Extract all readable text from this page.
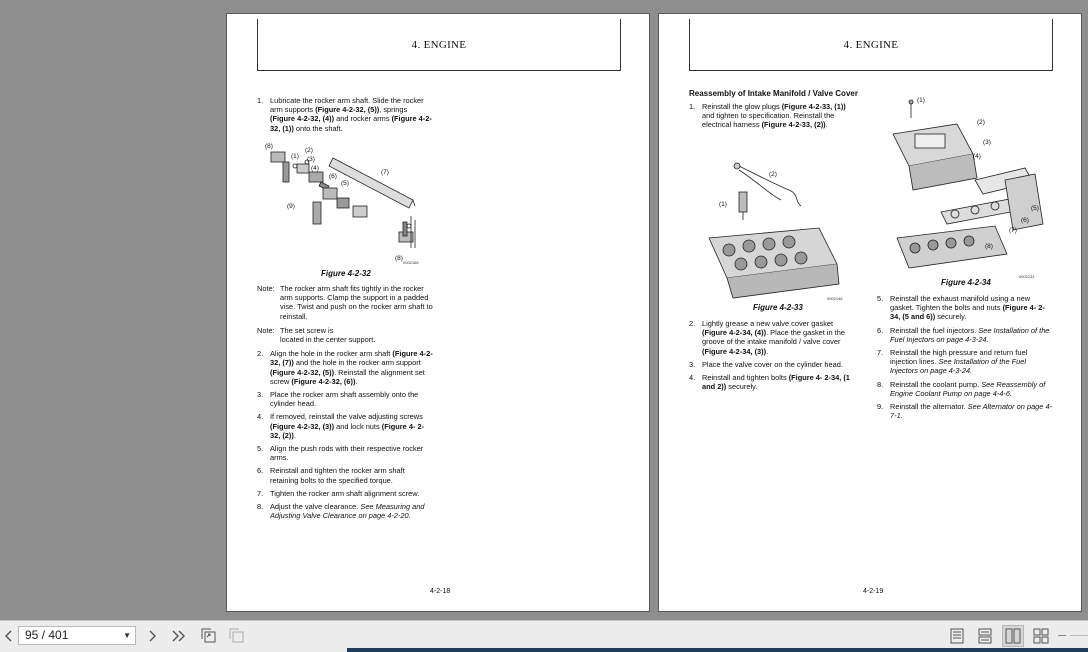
4. ENGINE
1. Lubricate the rocker arm shaft. Slide the rocker arm supports (Figure 4-2-32, (5)), springs (Figure 4-2-32, (4)) and rocker arms (Figure 4-2-32, (1)) onto the shaft.
(8)
(1)
(2)
(3)
(4)
(6)
(5)
(7)
(9)
(8)
0002166
Figure 4-2-32
Note: The rocker arm shaft fits tightly in the rocker arm supports. Clamp the support in a padded vise. Twist and push on the rocker arm shaft to reinstall.
Note: The set screw is
located in the center support.
2. Align the hole in the rocker arm shaft (Figure 4-2-32, (7)) and the hole in the rocker arm support (Figure 4-2-32, (5)). Reinstall the alignment set screw (Figure 4-2-32, (6)).
3. Place the rocker arm shaft assembly onto the cylinder head.
4. If removed, reinstall the valve adjusting screws (Figure 4-2-32, (3)) and lock nuts (Figure 4- 2-32, (2)).
5. Align the push rods with their respective rocker arms.
6. Reinstall and tighten the rocker arm shaft retaining bolts to the specified torque.
7. Tighten the rocker arm shaft alignment screw.
8. Adjust the valve clearance. See Measuring and Adjusting Valve Clearance on page 4-2-20.
4-2-18
4. ENGINE
Reassembly of Intake Manifold / Valve Cover
1. Reinstall the glow plugs (Figure 4-2-33, (1)) and tighten to specification. Reinstall the electrical harness (Figure 4-2-33, (2)).
(2)
(1)
0002146
Figure 4-2-33
2. Lightly grease a new valve cover gasket (Figure 4-2-34, (4)). Place the gasket in the groove of the intake manifold / valve cover (Figure 4-2-34, (3)).
3. Place the valve cover on the cylinder head.
4. Reinstall and tighten bolts (Figure 4- 2-34, (1 and 2)) securely.
(1)
(2)
(3)
(4)
(5)
(6)
(7)
(8)
0002131
Figure 4-2-34
5. Reinstall the exhaust manifold using a new gasket. Tighten the bolts and nuts (Figure 4- 2-34, (5 and 6)) securely.
6. Reinstall the fuel injectors. See Installation of the Fuel Injectors on page 4-3-24.
7. Reinstall the high pressure and return fuel injection lines. See Installation of the Fuel Injectors on page 4-3-24.
8. Reinstall the coolant pump. See Reassembly of Engine Coolant Pump on page 4-4-6.
9. Reinstall the alternator. See Alternator on page 4-7-1.
4-2-19
95 / 401	▼
